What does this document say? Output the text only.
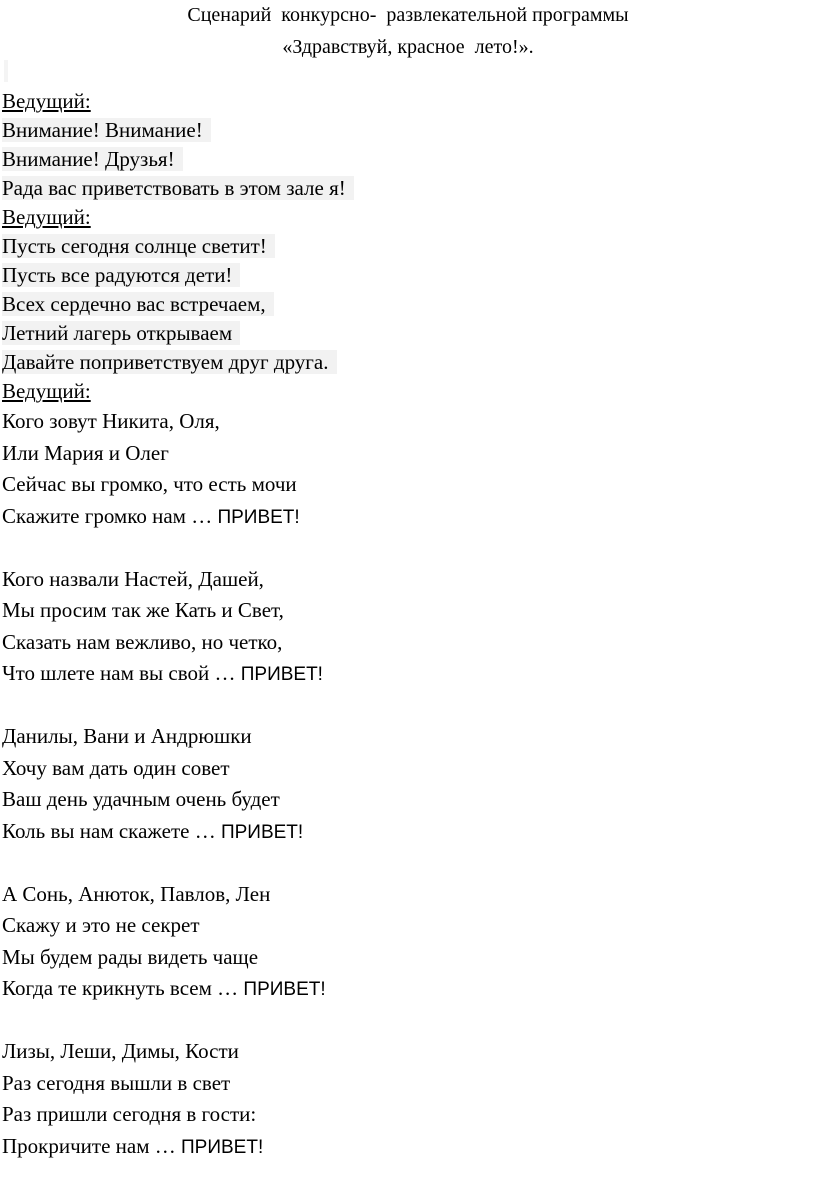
Сценарий  конкурсно-  развлекательной программы
«Здравствуй, красное  лето!».
Ведущий:
Внимание! Внимание!
Внимание! Друзья!
Рада вас приветствовать в этом зале я!
Ведущий:
Пусть сегодня солнце светит!
Пусть все радуются дети!
Всех сердечно вас встречаем,
Летний лагерь открываем
Давайте поприветствуем друг друга.
Ведущий:
Кого зовут Никита, Оля,
Или Мария и Олег
Сейчас вы громко, что есть мочи
Скажите громко нам … ПРИВЕТ!
Кого назвали Настей, Дашей,
Мы просим так же Кать и Свет,
Сказать нам вежливо, но четко,
Что шлете нам вы свой … ПРИВЕТ!
Данилы, Вани и Андрюшки
Хочу вам дать один совет
Ваш день удачным очень будет
Коль вы нам скажете … ПРИВЕТ!
А Сонь, Анюток, Павлов, Лен
Скажу и это не секрет
Мы будем рады видеть чаще
Когда те крикнуть всем … ПРИВЕТ!
Лизы, Леши, Димы, Кости
Раз сегодня вышли в свет
Раз пришли сегодня в гости:
Прокричите нам … ПРИВЕТ!
